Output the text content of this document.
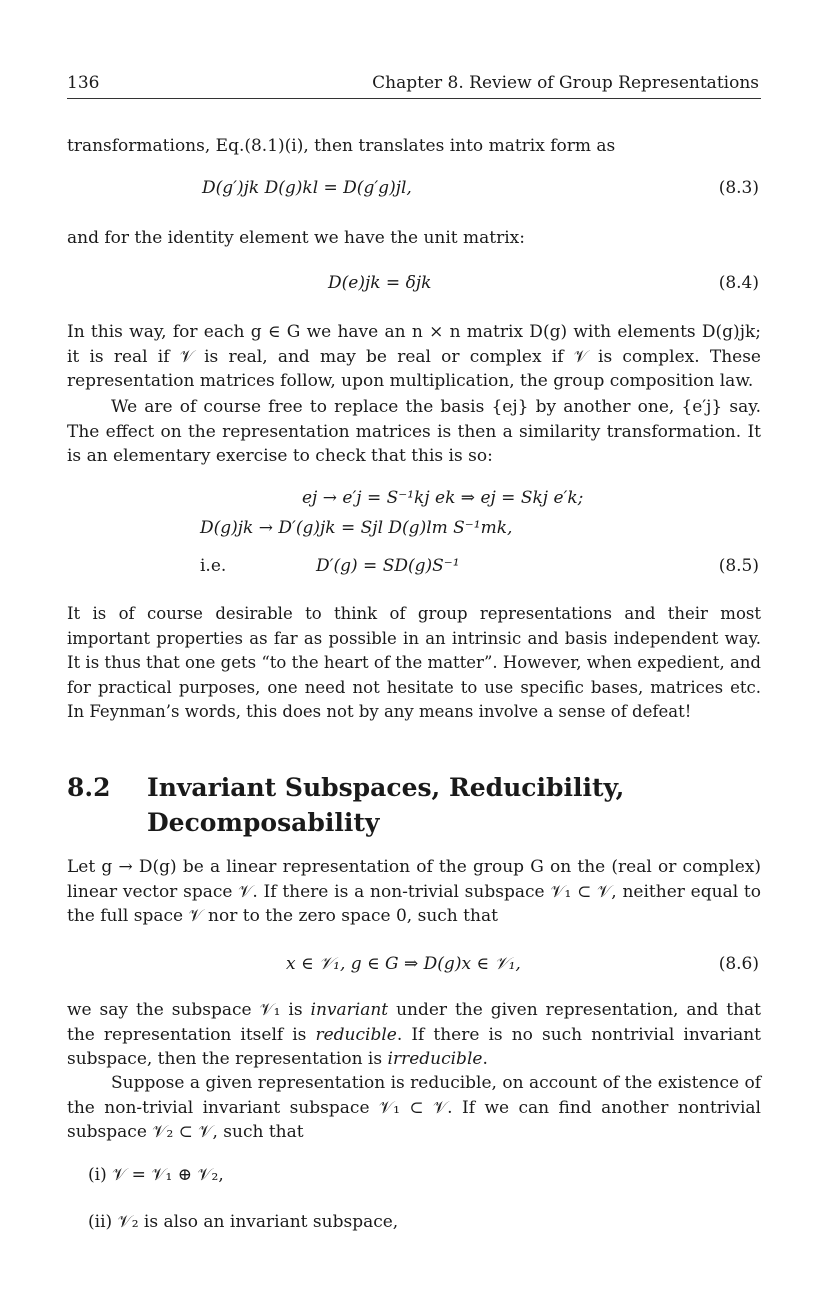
136	Chapter 8. Review of Group Representations
transformations, Eq.(8.1)(i), then translates into matrix form as
D(g′)jk D(g)kl = D(g′g)jl,	(8.3)
and for the identity element we have the unit matrix:
D(e)jk = δjk	(8.4)
In this way, for each g ∈ G we have an n × n matrix D(g) with elements D(g)jk; it is real if 𝒱 is real, and may be real or complex if 𝒱 is complex. These representation matrices follow, upon multiplication, the group composition law.
We are of course free to replace the basis {ej} by another one, {e′j} say. The effect on the representation matrices is then a similarity transformation. It is an elementary exercise to check that this is so:
ej → e′j = S⁻¹kj ek ⇒ ej = Skj e′k;
D(g)jk → D′(g)jk = Sjl D(g)lm S⁻¹mk,
i.e.	D′(g) = SD(g)S⁻¹	(8.5)
It is of course desirable to think of group representations and their most important properties as far as possible in an intrinsic and basis independent way. It is thus that one gets “to the heart of the matter”. However, when expedient, and for practical purposes, one need not hesitate to use specific bases, matrices etc. In Feynman’s words, this does not by any means involve a sense of defeat!
8.2 Invariant Subspaces, Reducibility, Decomposability
Let g → D(g) be a linear representation of the group G on the (real or complex) linear vector space 𝒱. If there is a non-trivial subspace 𝒱₁ ⊂ 𝒱, neither equal to the full space 𝒱 nor to the zero space 0, such that
x ∈ 𝒱₁, g ∈ G ⇒ D(g)x ∈ 𝒱₁,	(8.6)
we say the subspace 𝒱₁ is invariant under the given representation, and that the representation itself is reducible. If there is no such nontrivial invariant subspace, then the representation is irreducible.
Suppose a given representation is reducible, on account of the existence of the non-trivial invariant subspace 𝒱₁ ⊂ 𝒱. If we can find another nontrivial subspace 𝒱₂ ⊂ 𝒱, such that
(i) 𝒱 = 𝒱₁ ⊕ 𝒱₂,
(ii) 𝒱₂ is also an invariant subspace,
